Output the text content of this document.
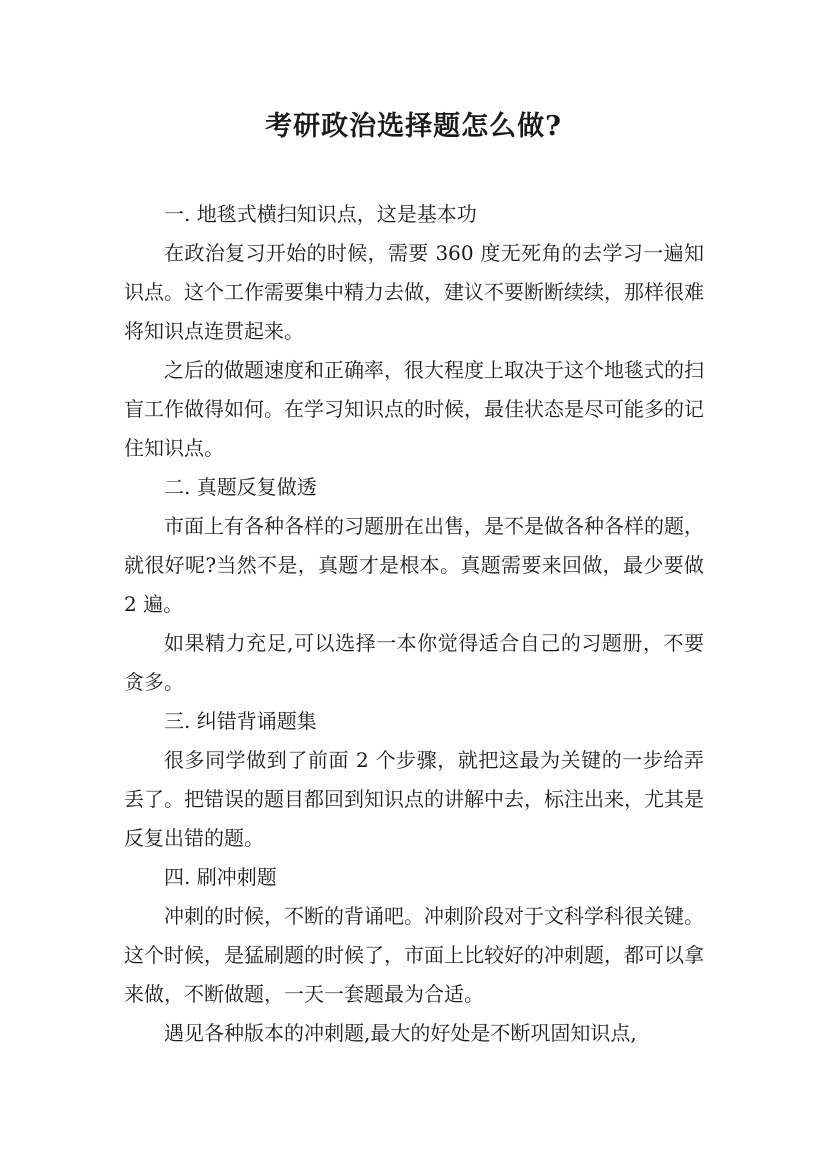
考研政治选择题怎么做?

一. 地毯式横扫知识点，这是基本功

在政治复习开始的时候，需要 360 度无死角的去学习一遍知识点。这个工作需要集中精力去做，建议不要断断续续，那样很难将知识点连贯起来。

之后的做题速度和正确率，很大程度上取决于这个地毯式的扫盲工作做得如何。在学习知识点的时候，最佳状态是尽可能多的记住知识点。

二. 真题反复做透

市面上有各种各样的习题册在出售，是不是做各种各样的题，就很好呢?当然不是，真题才是根本。真题需要来回做，最少要做 2 遍。

如果精力充足,可以选择一本你觉得适合自己的习题册，不要贪多。

三. 纠错背诵题集

很多同学做到了前面 2 个步骤，就把这最为关键的一步给弄丢了。把错误的题目都回到知识点的讲解中去，标注出来，尤其是反复出错的题。

四. 刷冲刺题

冲刺的时候，不断的背诵吧。冲刺阶段对于文科学科很关键。这个时候，是猛刷题的时候了，市面上比较好的冲刺题，都可以拿来做，不断做题，一天一套题最为合适。

遇见各种版本的冲刺题,最大的好处是不断巩固知识点,
